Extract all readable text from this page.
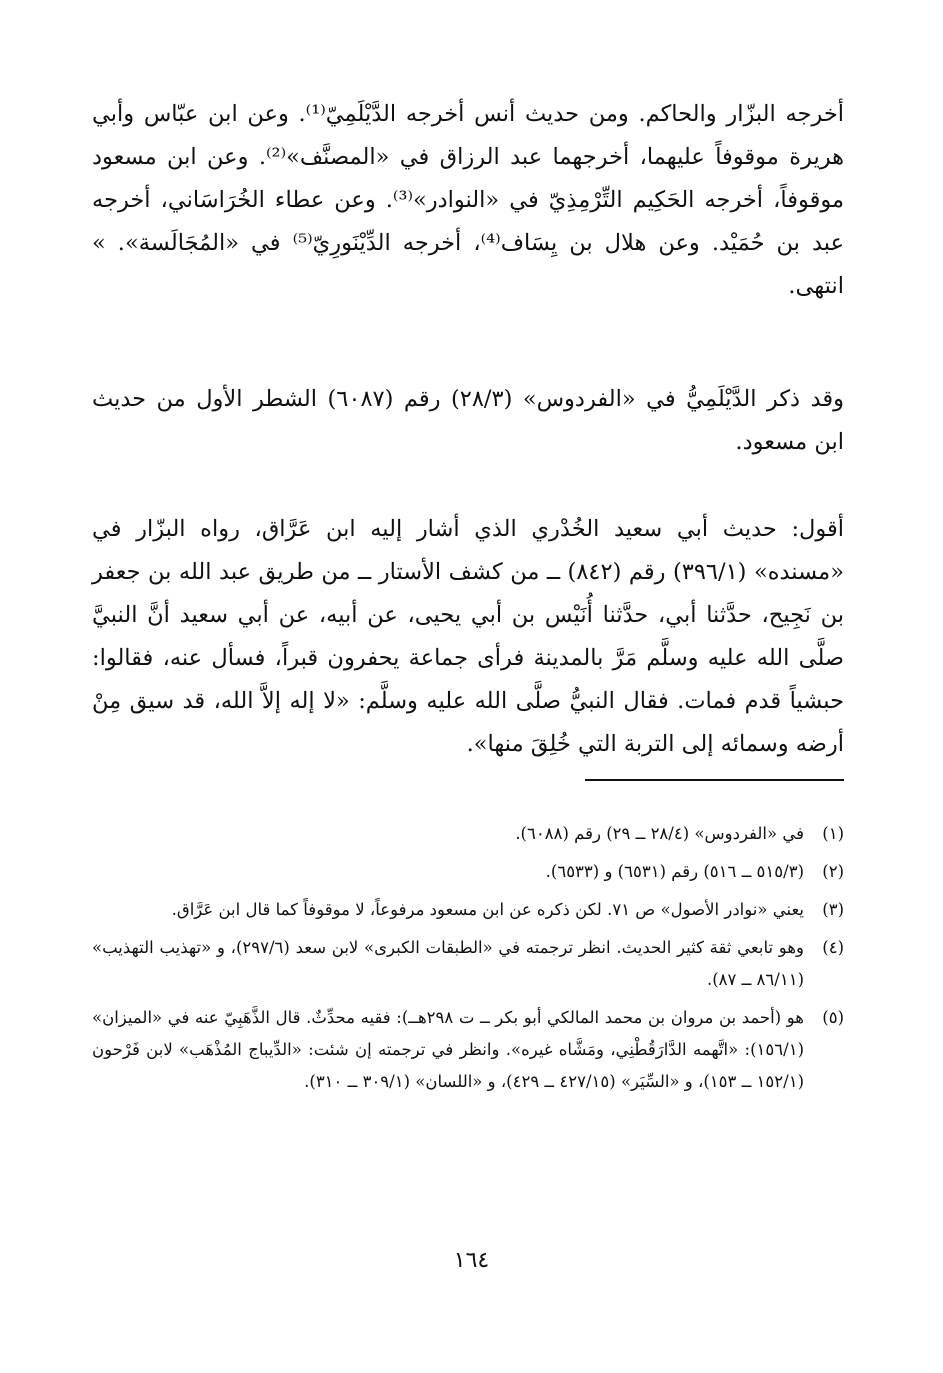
أخرجه البزّار والحاكم. ومن حديث أنس أخرجه الدَّيْلَمِيّ⁽¹⁾. وعن ابن عبّاس وأبي هريرة موقوفاً عليهما، أخرجهما عبد الرزاق في «المصنَّف»⁽²⁾. وعن ابن مسعود موقوفاً، أخرجه الحَكِيم التِّرْمِذِيّ في «النوادر»⁽³⁾. وعن عطاء الخُرَاسَاني، أخرجه عبد بن حُمَيْد. وعن هلال بن يِسَاف⁽⁴⁾، أخرجه الدِّيْنَورِيّ⁽⁵⁾ في «المُجَالَسة». » انتهى.

وقد ذكر الدَّيْلَمِيُّ في «الفردوس» (٢٨/٣) رقم (٦٠٨٧) الشطر الأول من حديث ابن مسعود.

أقول: حديث أبي سعيد الخُدْري الذي أشار إليه ابن عَرَّاق، رواه البزّار في «مسنده» (٣٩٦/١) رقم (٨٤٢) ــ من كشف الأستار ــ من طريق عبد الله بن جعفر بن نَجِيح، حدَّثنا أبي، حدَّثنا أُنَيْس بن أبي يحيى، عن أبيه، عن أبي سعيد أنَّ النبيَّ صلَّى الله عليه وسلَّم مَرَّ بالمدينة فرأى جماعة يحفرون قبراً، فسأل عنه، فقالوا: حبشياً قدم فمات. فقال النبيُّ صلَّى الله عليه وسلَّم: «لا إله إلاَّ الله، قد سيق مِنْ أرضه وسمائه إلى التربة التي خُلِقَ منها».

(١)
في «الفردوس» (٢٨/٤ ــ ٢٩) رقم (٦٠٨٨).
(٢)
(٥١٥/٣ ــ ٥١٦) رقم (٦٥٣١) و (٦٥٣٣).
(٣)
يعني «نوادر الأصول» ص ٧١. لكن ذكره عن ابن مسعود مرفوعاً، لا موقوفاً كما قال ابن عَرَّاق.
(٤)
وهو تابعي ثقة كثير الحديث. انظر ترجمته في «الطبقات الكبرى» لابن سعد (٢٩٧/٦)، و «تهذيب التهذيب» (٨٦/١١ ــ ٨٧).
(٥)
هو (أحمد بن مروان بن محمد المالكي أبو بكر ــ ت ٢٩٨هــ): فقيه محدِّثٌ. قال الذَّهَبِيّ عنه في «الميزان» (١٥٦/١): «اتَّهمه الدَّارَقُطْنِي، ومَشَّاه غيره». وانظر في ترجمته إن شئت: «الدِّيباج المُذْهَب» لابن فَرْحون (١٥٢/١ ــ ١٥٣)، و «السِّيَر» (٤٢٧/١٥ ــ ٤٢٩)، و «اللسان» (٣٠٩/١ ــ ٣١٠).
١٦٤
